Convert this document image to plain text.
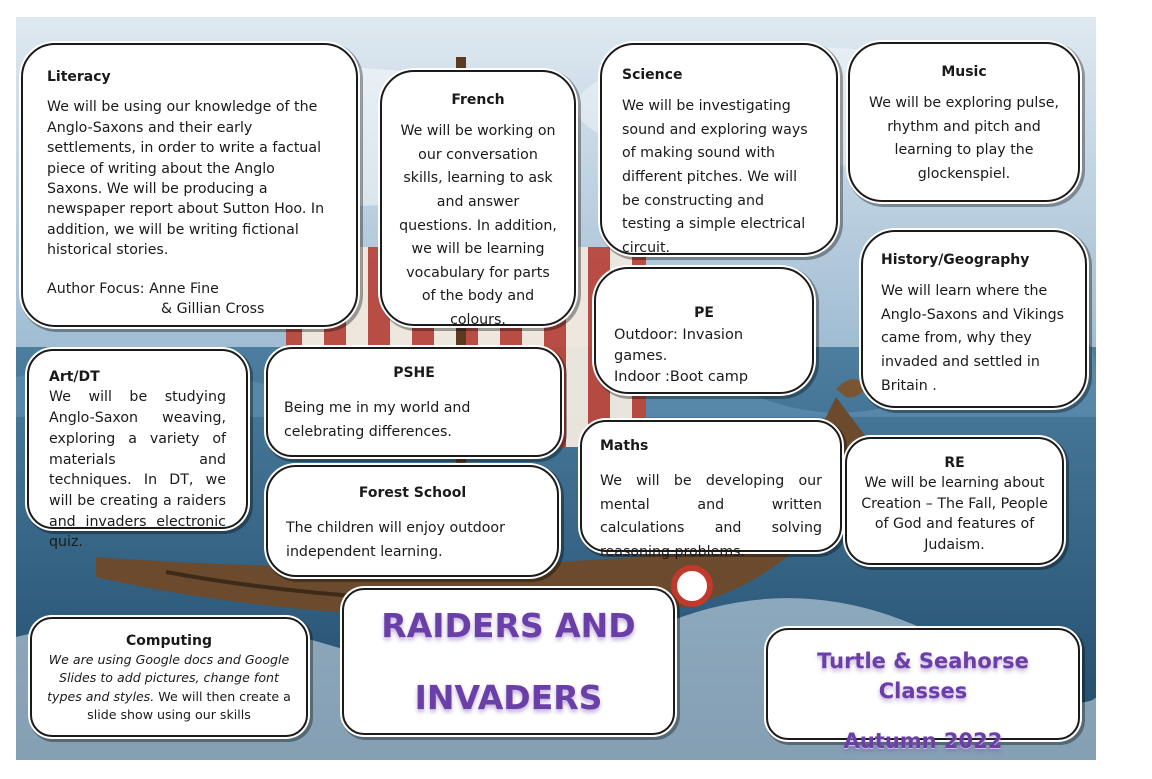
Literacy

We will be using our knowledge of the Anglo-Saxons and their early settlements, in order to write a factual piece of writing about the Anglo Saxons. We will be producing a newspaper report about Sutton Hoo. In addition, we will be writing fictional historical stories.

Author Focus: Anne Fine

& Gillian Cross

French

We will be working on our conversation skills, learning to ask and answer questions. In addition, we will be learning vocabulary for parts of the body and colours.

Science

We will be investigating sound and exploring ways of making sound with different pitches. We will be constructing and testing a simple electrical circuit.

Music

We will be exploring pulse, rhythm and pitch and learning to play the glockenspiel.

History/Geography

We will learn where the Anglo-Saxons and Vikings came from, why they invaded and settled in Britain .

PE

Outdoor: Invasion games.

Indoor :Boot camp

Art/DT

We will be studying Anglo-Saxon weaving, exploring a variety of materials and techniques. In DT, we will be creating a raiders and invaders electronic quiz.

PSHE

Being me in my world and celebrating differences.

Maths

We will be developing our mental and written calculations and solving reasoning problems.

RE

We will be learning about Creation – The Fall, People of God and features of Judaism.

Forest School

The children will enjoy outdoor independent learning.

Computing

We are using Google docs and Google Slides to add pictures, change font types and styles. We will then create a slide show using our skills

RAIDERS AND
INVADERS
Turtle & Seahorse Classes
Autumn 2022
